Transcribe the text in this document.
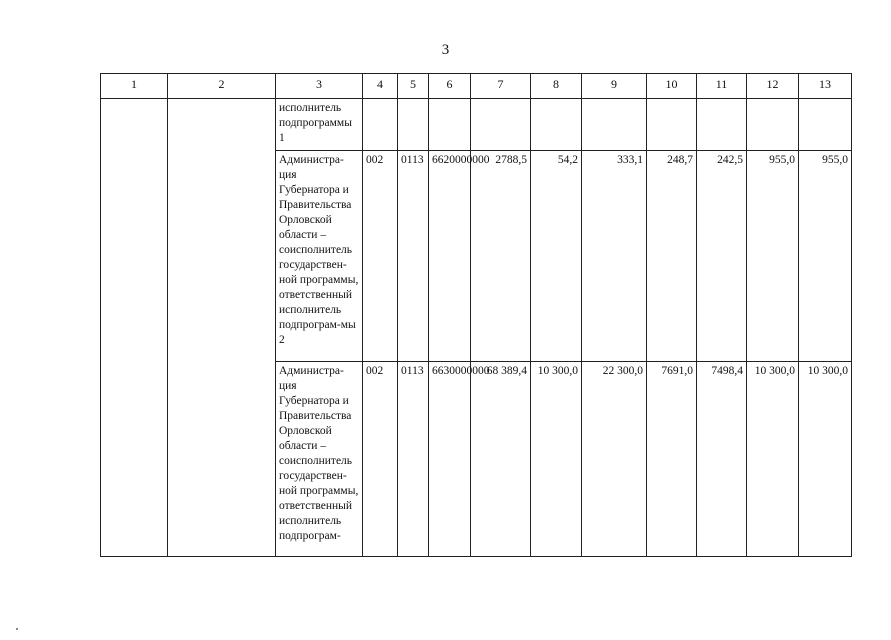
3
1	2	3	4	5	6	7	8	9	10	11	12	13
		исполнитель подпрограммы 1										
		Администра-ция Губернатора и Правительства Орловской области – соисполнитель государствен-ной программы, ответственный исполнитель подпрограм-мы 2	002	0113	6620000000	2788,5	54,2	333,1	248,7	242,5	955,0	955,0
		Администра-ция Губернатора и Правительства Орловской области – соисполнитель государствен-ной программы, ответственный исполнитель подпрограм-	002	0113	6630000000	68 389,4	10 300,0	22 300,0	7691,0	7498,4	10 300,0	10 300,0
